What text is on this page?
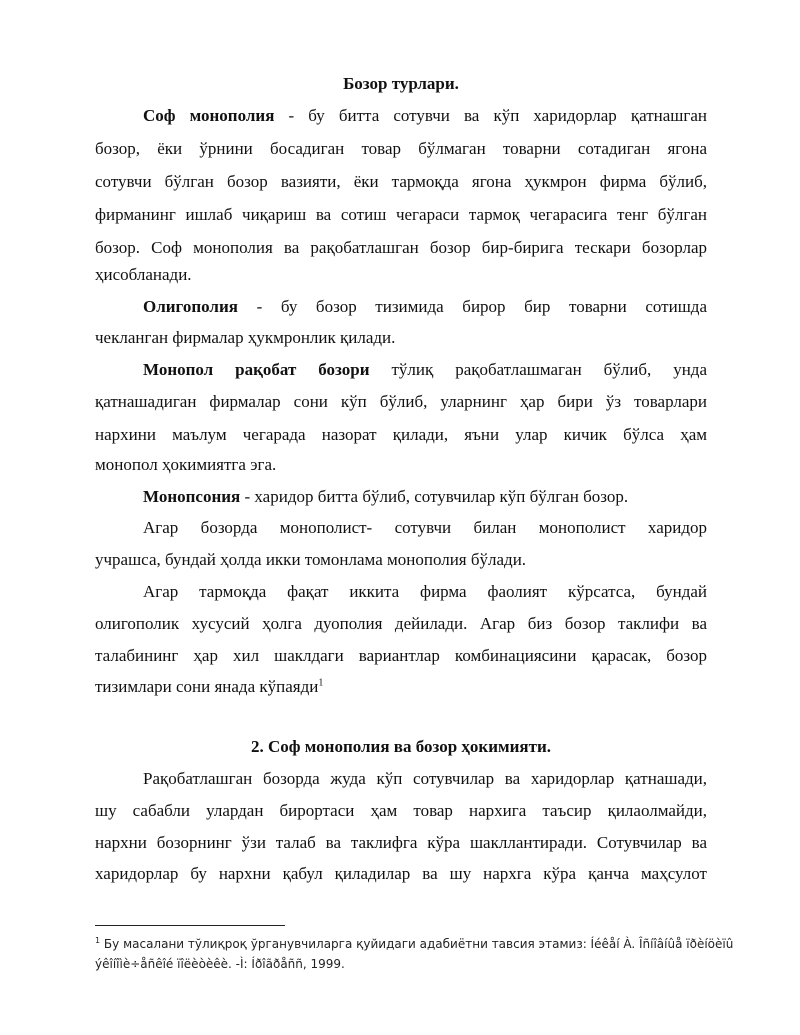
Бозор турлари.
Соф монополия - бу битта сотувчи ва кўп харидорлар қатнашган
бозор, ёки ўрнини босадиган товар бўлмаган товарни сотадиган ягона
сотувчи бўлган бозор вазияти, ёки тармоқда ягона ҳукмрон фирма бўлиб,
фирманинг ишлаб чиқариш ва сотиш чегараси тармоқ чегарасига тенг бўлган
бозор. Соф монополия ва рақобатлашган бозор бир-бирига тескари бозорлар
ҳисобланади.
Олигополия - бу бозор тизимида бирор бир товарни сотишда
чекланган фирмалар ҳукмронлик қилади.
Монопол рақобат бозори тўлиқ рақобатлашмаган бўлиб, унда
қатнашадиган фирмалар сони кўп бўлиб, уларнинг ҳар бири ўз товарлари
нархини маълум чегарада назорат қилади, яъни улар кичик бўлса ҳам
монопол ҳокимиятга эга.
Монопсония - харидор битта бўлиб, сотувчилар кўп бўлган бозор.
Агар бозорда монополист- сотувчи билан монополист харидор
учрашса, бундай ҳолда икки томонлама монополия бўлади.
Агар тармоқда фақат иккита фирма фаолият кўрсатса, бундай
олигополик хусусий ҳолга дуополия дейилади. Агар биз бозор таклифи ва
талабининг ҳар хил шаклдаги вариантлар комбинациясини қарасак, бозор
тизимлари сони янада кўпаяди$^1$
2. Соф монополия ва бозор ҳокимияти.
Рақобатлашган бозорда жуда кўп сотувчилар ва харидорлар қатнашади,
шу сабабли улардан бирортаси ҳам товар нархига таъсир қилаолмайди,
нархни бозорнинг ўзи талаб ва таклифга кўра шакллантиради. Сотувчилар ва
харидорлар бу нархни қабул қиладилар ва шу нархга кўра қанча маҳсулот
$^1$ Бу масалани тўлиқроқ ўрганувчиларга қуйидаги адабиётни тавсия этамиз: Íéêåí À. Îñíîâíûå ïðèíöèïû
ýêîíîìè÷åñêîé ïîëèòèêè. -Ì: Íðîãðåññ, 1999.
